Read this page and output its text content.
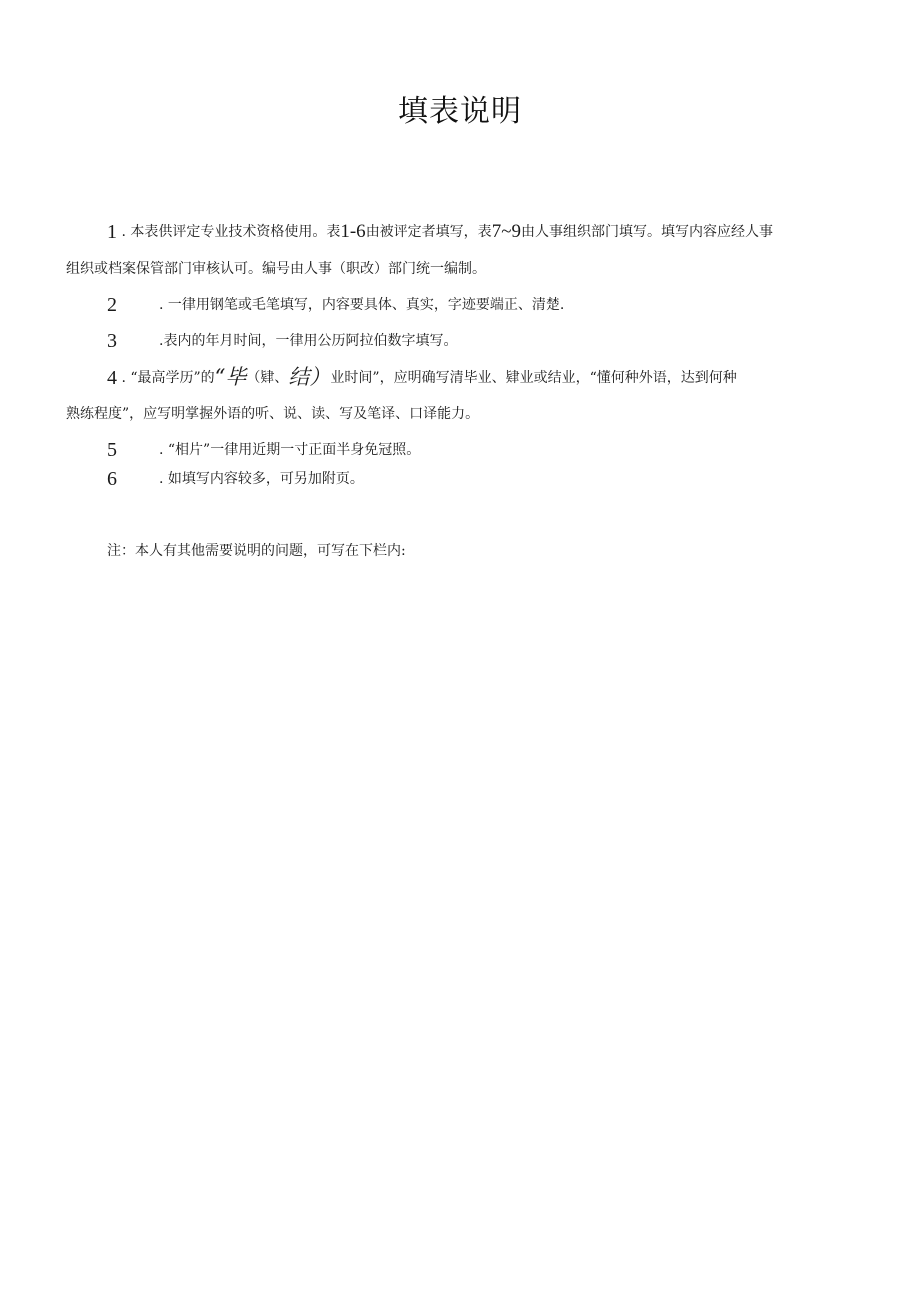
填表说明
1 . 本表供评定专业技术资格使用。表1-6由被评定者填写，表7~9由人事组织部门填写。填写内容应经人事
组织或档案保管部门审核认可。编号由人事（职改）部门统一编制。
2	. 一律用钢笔或毛笔填写，内容要具体、真实，字迹要端正、清楚.
3	.表内的年月时间，一律用公历阿拉伯数字填写。
4 . “最高学历”的“毕（肄、结）业时间”，应明确写清毕业、肄业或结业，“懂何种外语，达到何种
熟练程度”，应写明掌握外语的听、说、读、写及笔译、口译能力。
5	. “相片”一律用近期一寸正面半身免冠照。
6	. 如填写内容较多，可另加附页。
注：本人有其他需要说明的问题，可写在下栏内:
